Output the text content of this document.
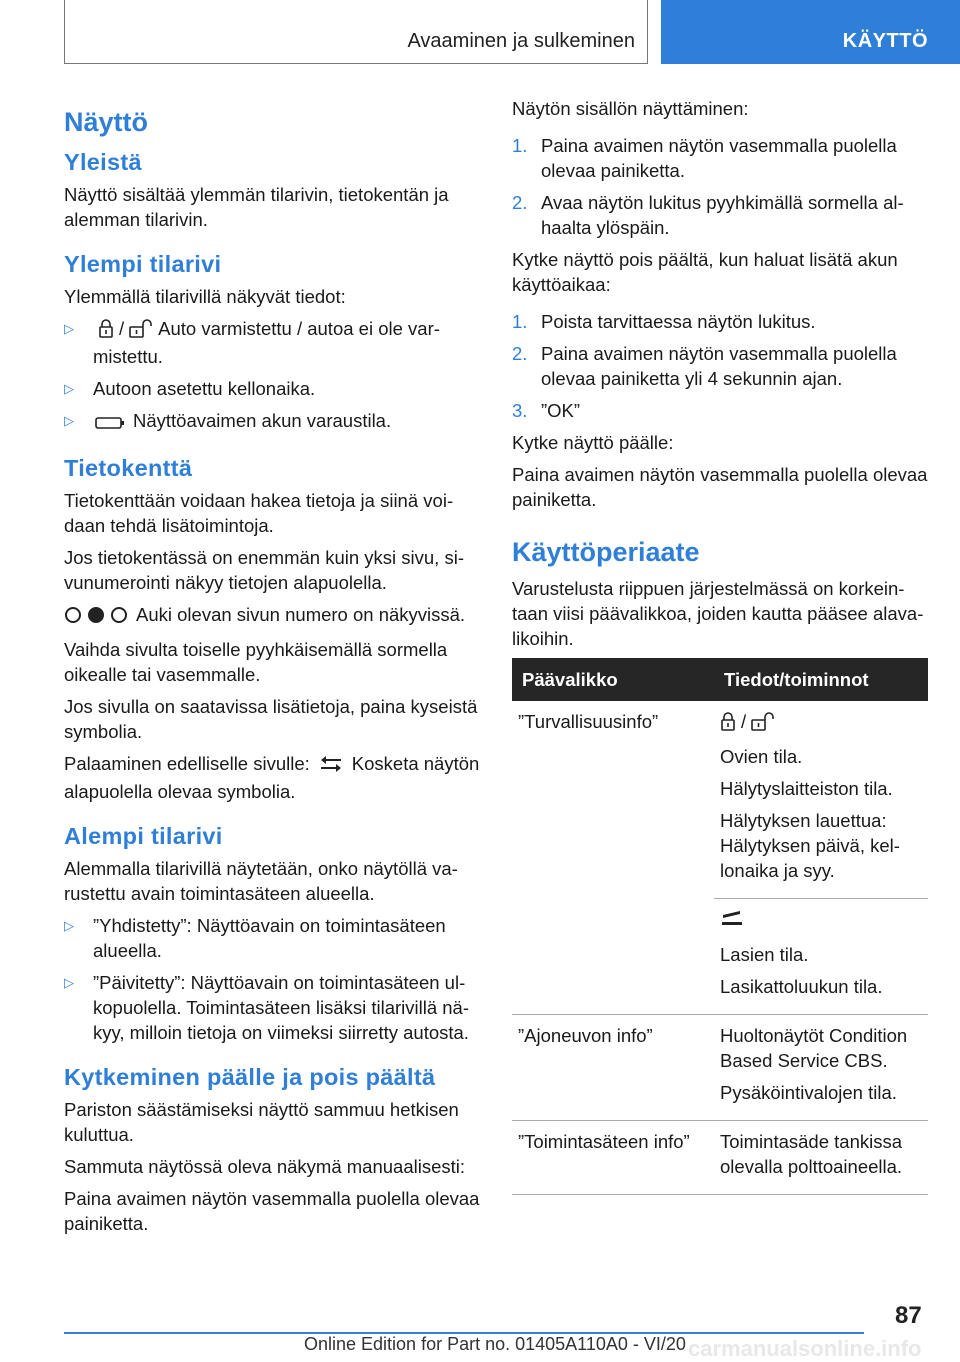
Avaaminen ja sulkeminen	KÄYTTÖ
Näyttö
Yleistä

Näyttö sisältää ylemmän tilarivin, tietokentän ja alemman tilarivin.

Ylempi tilarivi

Ylemmällä tilarivillä näkyvät tiedot:

▷ / Auto varmistettu / autoa ei ole varmistettu.
▷ Autoon asetettu kellonaika.
▷ Näyttöavaimen akun varaustila.
Tietokenttä

Tietokenttään voidaan hakea tietoja ja siinä voidaan tehdä lisätoimintoja.

Jos tietokentässä on enemmän kuin yksi sivu, sivunumerointi näkyy tietojen alapuolella.

Auki olevan sivun numero on näkyvissä.

Vaihda sivulta toiselle pyyhkäisemällä sormella oikealle tai vasemmalle.

Jos sivulla on saatavissa lisätietoja, paina kyseistä symbolia.

Palaaminen edelliselle sivulle: Kosketa näytön alapuolella olevaa symbolia.

Alempi tilarivi

Alemmalla tilarivillä näytetään, onko näytöllä varustettu avain toimintasäteen alueella.

▷ ”Yhdistetty”: Näyttöavain on toimintasäteen alueella.
▷ ”Päivitetty”: Näyttöavain on toimintasäteen ulkopuolella. Toimintasäteen lisäksi tilarivillä näkyy, milloin tietoja on viimeksi siirretty autosta.
Kytkeminen päälle ja pois päältä

Pariston säästämiseksi näyttö sammuu hetkisen kuluttua.

Sammuta näytössä oleva näkymä manuaalisesti:

Paina avaimen näytön vasemmalla puolella olevaa painiketta.

Näytön sisällön näyttäminen:

1. Paina avaimen näytön vasemmalla puolella olevaa painiketta.
2. Avaa näytön lukitus pyyhkimällä sormella alhaalta ylöspäin.

Kytke näyttö pois päältä, kun haluat lisätä akun käyttöaikaa:

1. Poista tarvittaessa näytön lukitus.
2. Paina avaimen näytön vasemmalla puolella olevaa painiketta yli 4 sekunnin ajan.
3. ”OK”

Kytke näyttö päälle:

Paina avaimen näytön vasemmalla puolella olevaa painiketta.

Käyttöperiaate

Varustelusta riippuen järjestelmässä on korkeintaan viisi päävalikkoa, joiden kautta pääsee alavalikoihin.

Päävalikko	Tiedot/toiminnot
”Turvallisuusinfo”	/

Ovien tila.

Hälytyslaitteiston tila.

Hälytyksen lauettua: Hälytyksen päivä, kellonaika ja syy.

	Lasien tila.

Lasikattoluukun tila.

”Ajoneuvon info”	Huoltonäytöt Condition Based Service CBS.

Pysäköintivalojen tila.

”Toimintasäteen info”	Toimintasäde tankissa olevalla polttoaineella.

87
Online Edition for Part no. 01405A110A0 - VI/20 carmanualsonline.info
